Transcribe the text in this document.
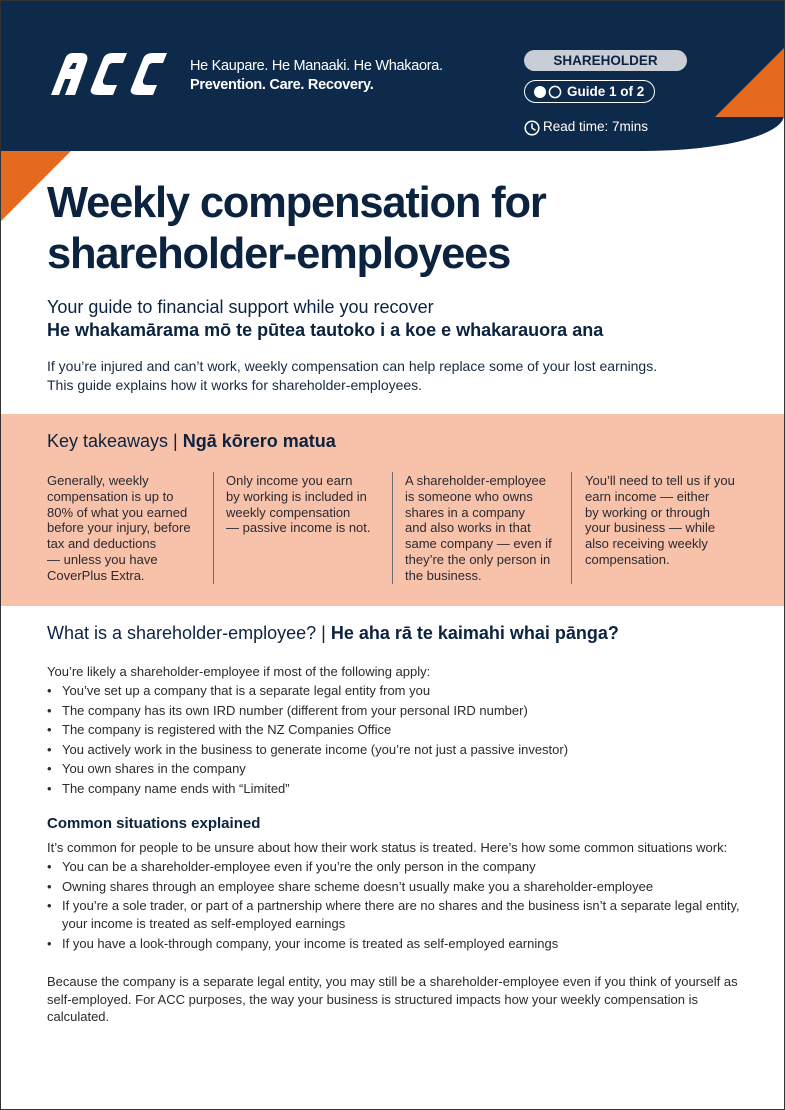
He Kaupare. He Manaaki. He Whakaora.
Prevention. Care. Recovery.
SHAREHOLDER
Guide 1 of 2
Read time: 7mins
Weekly compensation for
shareholder-employees
Your guide to financial support while you recover
He whakamārama mō te pūtea tautoko i a koe e whakarauora ana
If you’re injured and can’t work, weekly compensation can help replace some of your lost earnings.
This guide explains how it works for shareholder-employees.
Key takeaways | Ngā kōrero matua
Generally, weekly
compensation is up to
80% of what you earned
before your injury, before
tax and deductions
— unless you have
CoverPlus Extra.
Only income you earn
by working is included in
weekly compensation
— passive income is not.
A shareholder-employee
is someone who owns
shares in a company
and also works in that
same company — even if
they’re the only person in
the business.
You’ll need to tell us if you
earn income — either
by working or through
your business — while
also receiving weekly
compensation.
What is a shareholder-employee? | He aha rā te kaimahi whai pānga?
You’re likely a shareholder-employee if most of the following apply:
• You’ve set up a company that is a separate legal entity from you
• The company has its own IRD number (different from your personal IRD number)
• The company is registered with the NZ Companies Office
• You actively work in the business to generate income (you’re not just a passive investor)
• You own shares in the company
• The company name ends with “Limited”
Common situations explained
It’s common for people to be unsure about how their work status is treated. Here’s how some common situations work:
• You can be a shareholder-employee even if you’re the only person in the company
• Owning shares through an employee share scheme doesn’t usually make you a shareholder-employee
• If you’re a sole trader, or part of a partnership where there are no shares and the business isn’t a separate legal entity, your income is treated as self-employed earnings
• If you have a look-through company, your income is treated as self-employed earnings
Because the company is a separate legal entity, you may still be a shareholder-employee even if you think of yourself as self-employed. For ACC purposes, the way your business is structured impacts how your weekly compensation is calculated.
